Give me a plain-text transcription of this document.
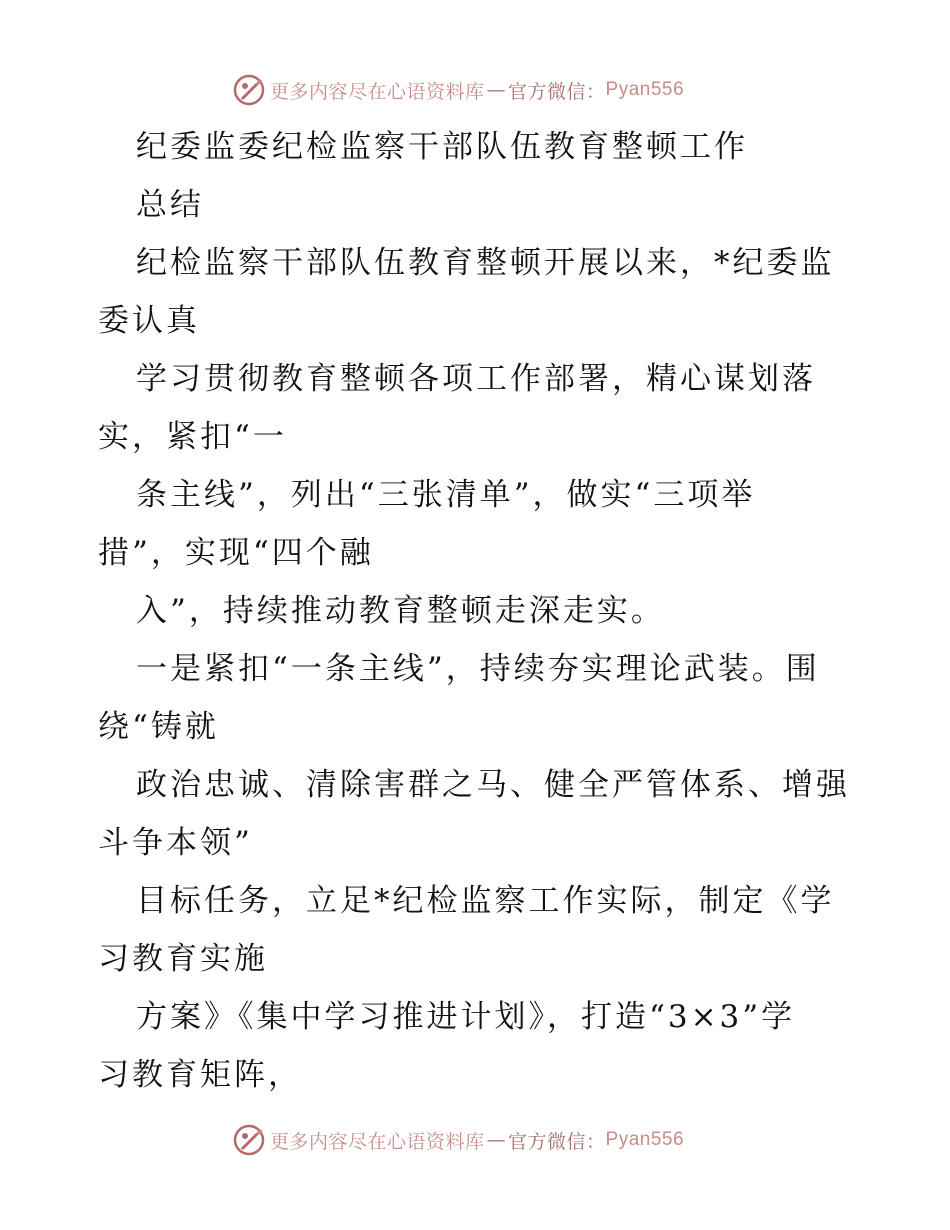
更多内容尽在心语资料库 — 官方微信： Pyan556
纪委监委纪检监察干部队伍教育整顿工作
总结
纪检监察干部队伍教育整顿开展以来，*纪委监
委认真
学习贯彻教育整顿各项工作部署，精心谋划落
实，紧扣“一
条主线”，列出“三张清单”，做实“三项举
措”，实现“四个融
入”，持续推动教育整顿走深走实。
一是紧扣“一条主线”，持续夯实理论武装。围
绕“铸就
政治忠诚、清除害群之马、健全严管体系、增强
斗争本领”
目标任务，立足*纪检监察工作实际，制定《学
习教育实施
方案》《集中学习推进计划》，打造“3×3”学
习教育矩阵，
更多内容尽在心语资料库 — 官方微信： Pyan556
